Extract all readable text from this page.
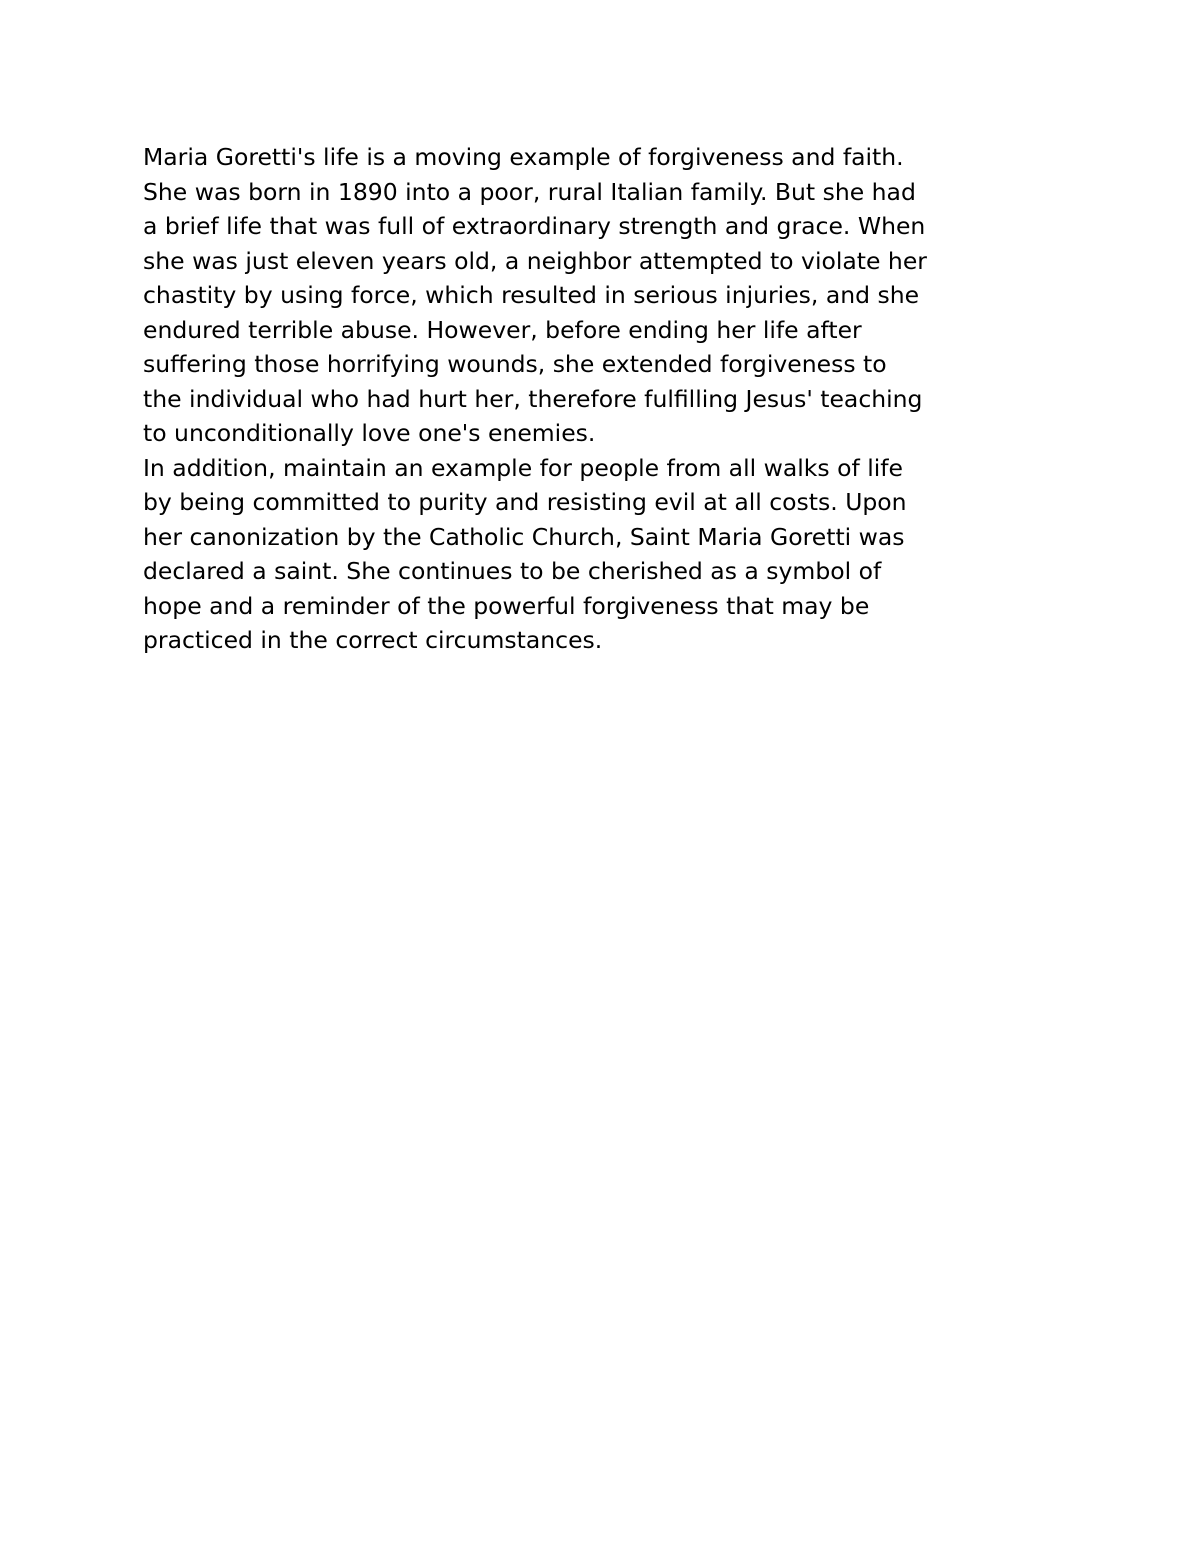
Maria Goretti's life is a moving example of forgiveness and faith.
She was born in 1890 into a poor, rural Italian family. But she had
a brief life that was full of extraordinary strength and grace. When
she was just eleven years old, a neighbor attempted to violate her
chastity by using force, which resulted in serious injuries, and she
endured terrible abuse. However, before ending her life after
suffering those horrifying wounds, she extended forgiveness to
the individual who had hurt her, therefore fulfilling Jesus' teaching
to unconditionally love one's enemies.
In addition, maintain an example for people from all walks of life
by being committed to purity and resisting evil at all costs. Upon
her canonization by the Catholic Church, Saint Maria Goretti was
declared a saint. She continues to be cherished as a symbol of
hope and a reminder of the powerful forgiveness that may be
practiced in the correct circumstances.
